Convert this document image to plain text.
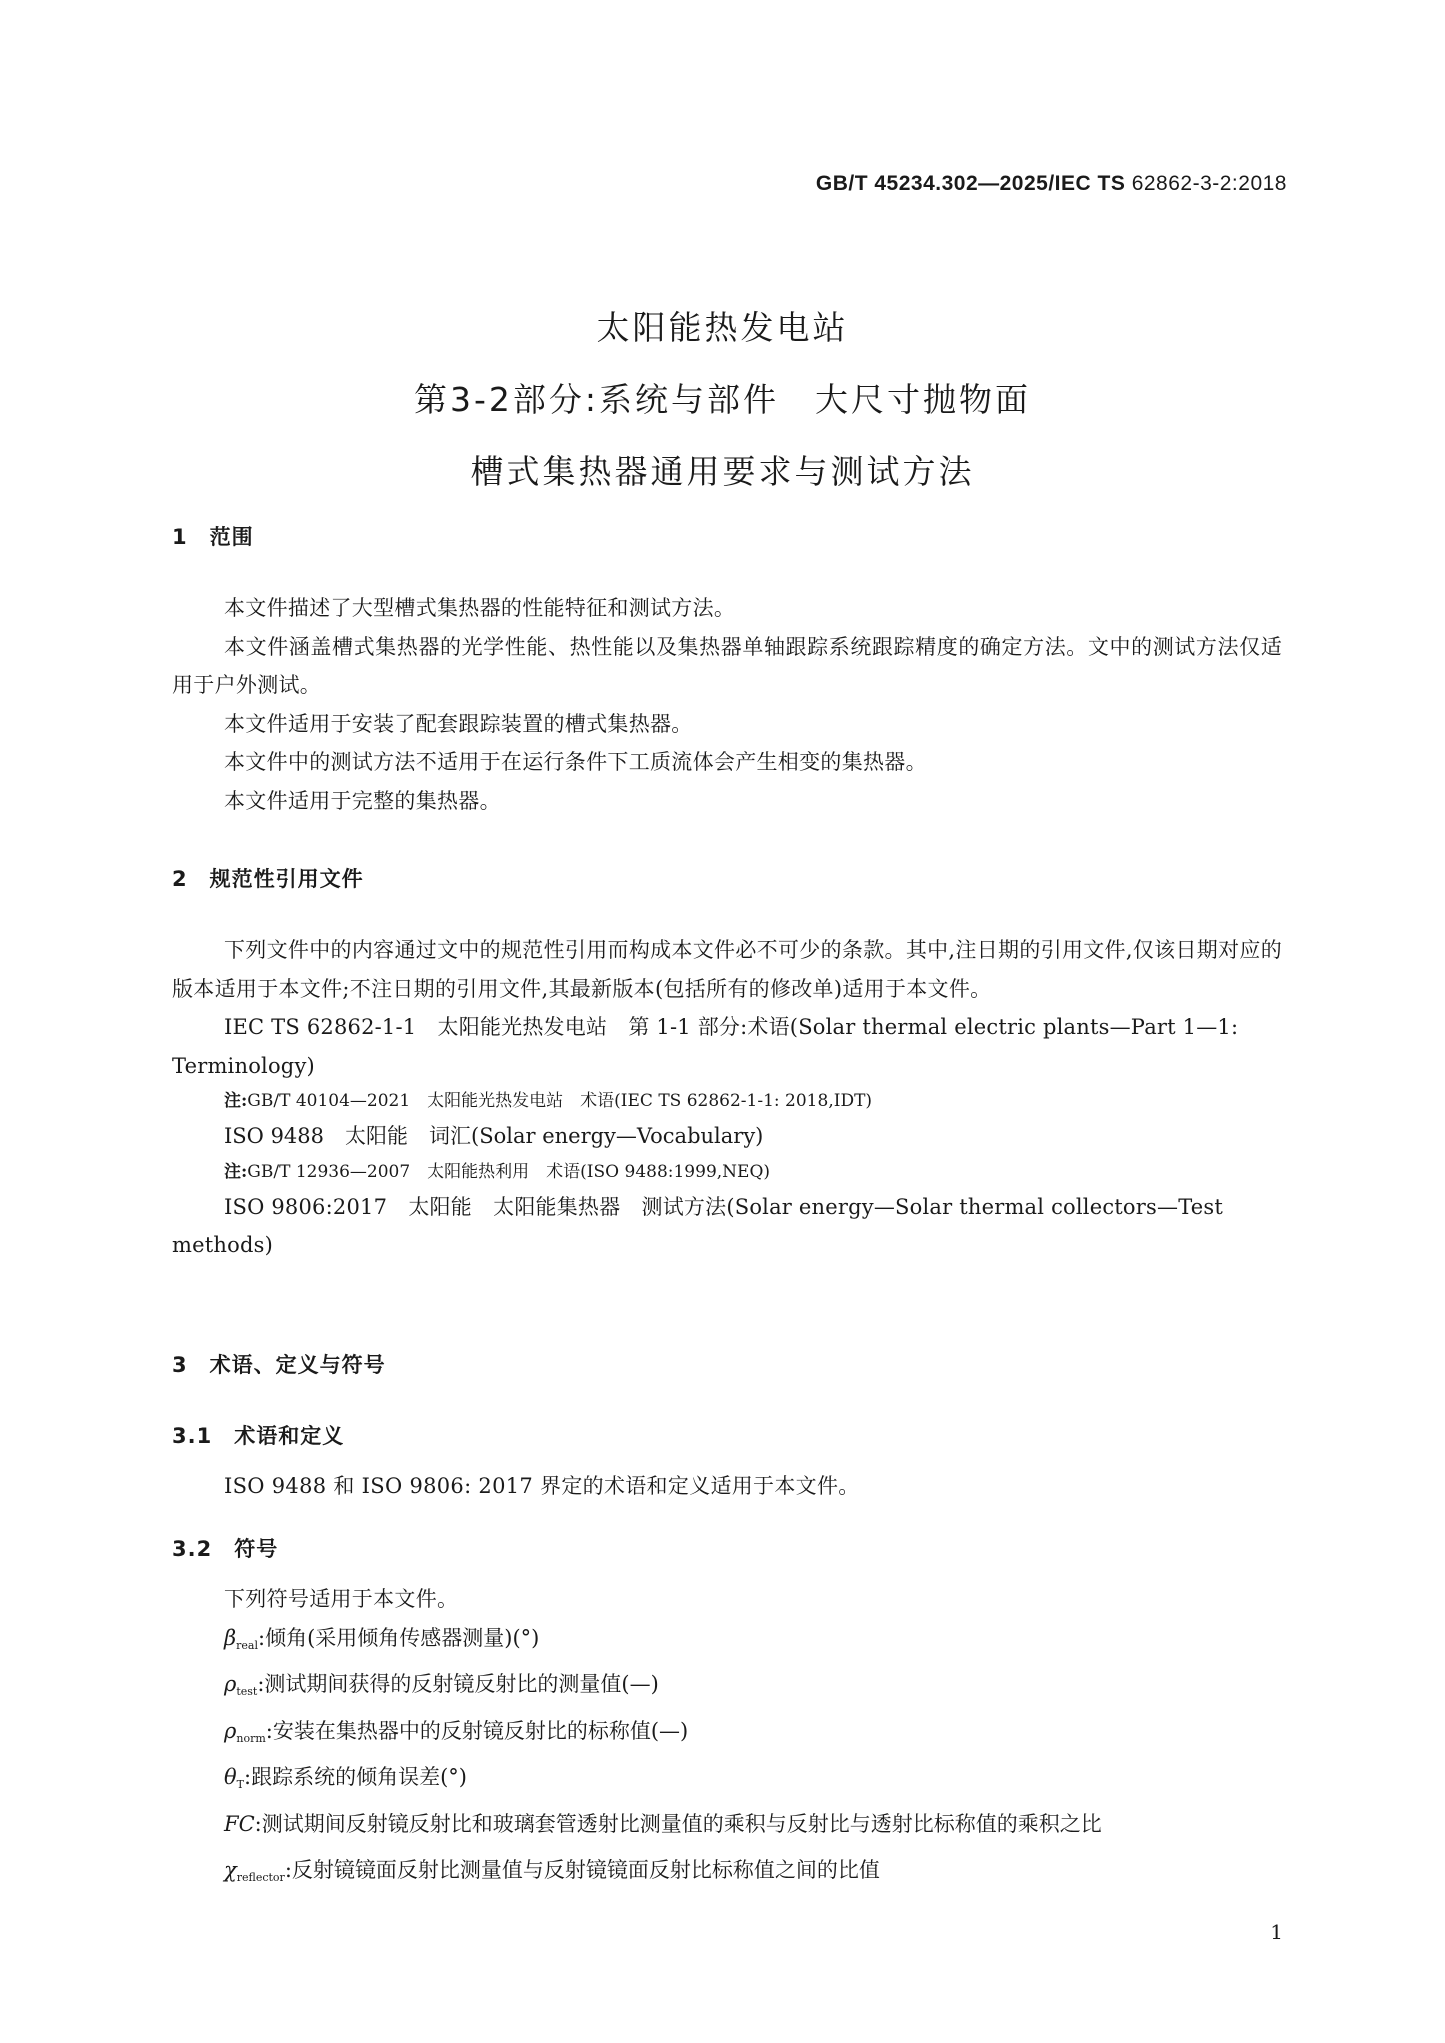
GB/T 45234.302—2025/IEC TS 62862-3-2:2018
太阳能热发电站
第3-2部分:系统与部件　大尺寸抛物面
槽式集热器通用要求与测试方法
1　范围
本文件描述了大型槽式集热器的性能特征和测试方法。
本文件涵盖槽式集热器的光学性能、热性能以及集热器单轴跟踪系统跟踪精度的确定方法。文中的测试方法仅适用于户外测试。
本文件适用于安装了配套跟踪装置的槽式集热器。
本文件中的测试方法不适用于在运行条件下工质流体会产生相变的集热器。
本文件适用于完整的集热器。
2　规范性引用文件
下列文件中的内容通过文中的规范性引用而构成本文件必不可少的条款。其中,注日期的引用文件,仅该日期对应的版本适用于本文件;不注日期的引用文件,其最新版本(包括所有的修改单)适用于本文件。
IEC TS 62862-1-1　太阳能光热发电站　第 1-1 部分:术语(Solar thermal electric plants—Part 1—1: Terminology)
注:GB/T 40104—2021　太阳能光热发电站　术语(IEC TS 62862-1-1: 2018,IDT)
ISO 9488　太阳能　词汇(Solar energy—Vocabulary)
注:GB/T 12936—2007　太阳能热利用　术语(ISO 9488:1999,NEQ)
ISO 9806:2017　太阳能　太阳能集热器　测试方法(Solar energy—Solar thermal collectors—Test methods)
3　术语、定义与符号
3.1　术语和定义
ISO 9488 和 ISO 9806: 2017 界定的术语和定义适用于本文件。
3.2　符号
下列符号适用于本文件。
$\beta_{real}$:倾角(采用倾角传感器测量)(°)
$\rho_{test}$:测试期间获得的反射镜反射比的测量值(—)
$\rho_{norm}$:安装在集热器中的反射镜反射比的标称值(—)
$\theta_T$:跟踪系统的倾角误差(°)
FC:测试期间反射镜反射比和玻璃套管透射比测量值的乘积与反射比与透射比标称值的乘积之比
$\chi_{reflector}$:反射镜镜面反射比测量值与反射镜镜面反射比标称值之间的比值
1
